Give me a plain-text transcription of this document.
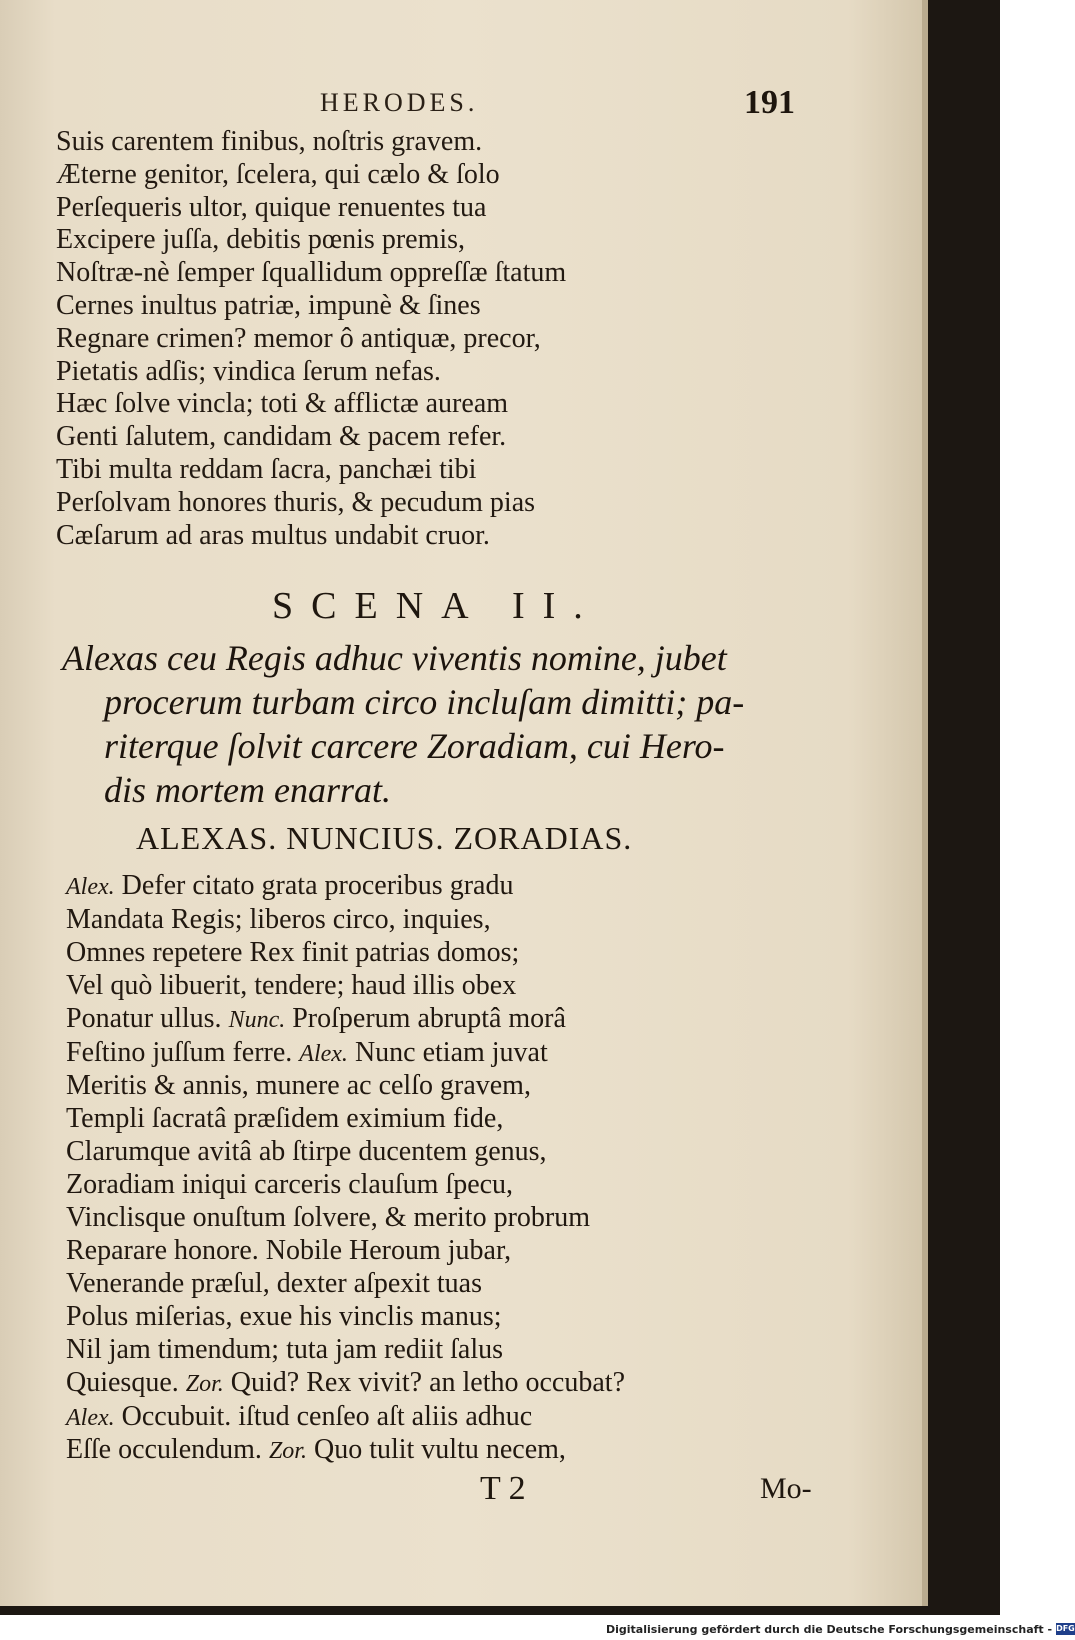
HERODES.	191
Suis carentem finibus, noſtris gravem.
Æterne genitor, ſcelera, qui cælo & ſolo
Perſequeris ultor, quique renuentes tua
Excipere juſſa, debitis pœnis premis,
Noſtræ-nè ſemper ſquallidum oppreſſæ ſtatum
Cernes inultus patriæ, impunè & ſines
Regnare crimen? memor ô antiquæ, precor,
Pietatis adſis; vindica ſerum nefas.
Hæc ſolve vincla; toti & afflictæ auream
Genti ſalutem, candidam & pacem refer.
Tibi multa reddam ſacra, panchæi tibi
Perſolvam honores thuris, & pecudum pias
Cæſarum ad aras multus undabit cruor.
SCENA II.
Alexas ceu Regis adhuc viventis nomine, jubet
procerum turbam circo incluſam dimitti; pa-
riterque ſolvit carcere Zoradiam, cui Hero-
dis mortem enarrat.
ALEXAS. NUNCIUS. ZORADIAS.
Alex. Defer citato grata proceribus gradu
Mandata Regis; liberos circo, inquies,
Omnes repetere Rex finit patrias domos;
Vel quò libuerit, tendere; haud illis obex
Ponatur ullus. Nunc. Proſperum abruptâ morâ
Feſtino juſſum ferre. Alex. Nunc etiam juvat
Meritis & annis, munere ac celſo gravem,
Templi ſacratâ præſidem eximium fide,
Clarumque avitâ ab ſtirpe ducentem genus,
Zoradiam iniqui carceris clauſum ſpecu,
Vinclisque onuſtum ſolvere, & merito probrum
Reparare honore. Nobile Heroum jubar,
Venerande præſul, dexter aſpexit tuas
Polus miſerias, exue his vinclis manus;
Nil jam timendum; tuta jam rediit ſalus
Quiesque. Zor. Quid? Rex vivit? an letho occubat?
Alex. Occubuit. iſtud cenſeo aſt aliis adhuc
Eſſe occulendum. Zor. Quo tulit vultu necem,
T 2	Mo-
Digitalisierung gefördert durch die Deutsche Forschungsgemeinschaft - DFG
